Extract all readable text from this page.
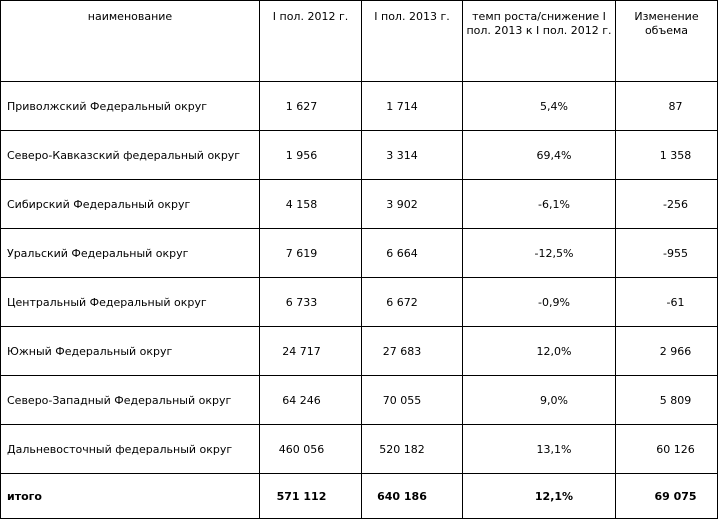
наименование	I пол. 2012 г.	I пол. 2013 г.	темп роста/снижение I пол. 2013 к I пол. 2012 г.	Изменение объема
Приволжский Федеральный округ	1 627	1 714	5,4%	87
Северо-Кавказский федеральный округ	1 956	3 314	69,4%	1 358
Сибирский Федеральный округ	4 158	3 902	-6,1%	-256
Уральский Федеральный округ	7 619	6 664	-12,5%	-955
Центральный Федеральный округ	6 733	6 672	-0,9%	-61
Южный Федеральный округ	24 717	27 683	12,0%	2 966
Северо-Западный Федеральный округ	64 246	70 055	9,0%	5 809
Дальневосточный федеральный округ	460 056	520 182	13,1%	60 126
итого	571 112	640 186	12,1%	69 075
